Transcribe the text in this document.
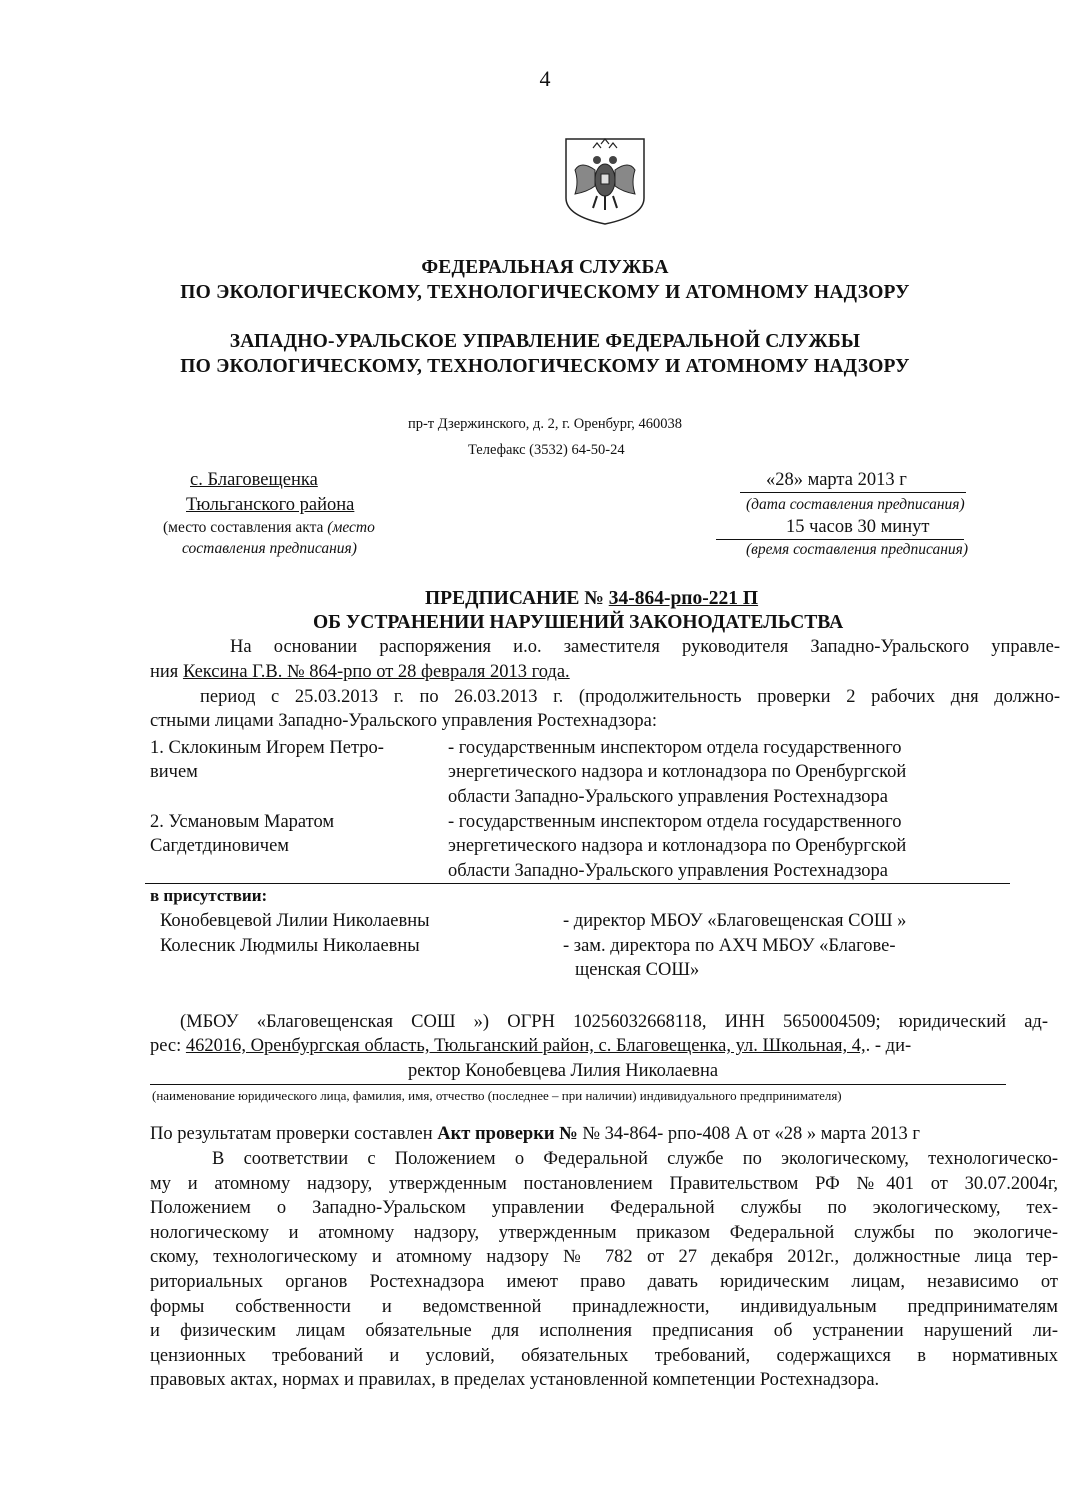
4
ФЕДЕРАЛЬНАЯ СЛУЖБА
ПО ЭКОЛОГИЧЕСКОМУ, ТЕХНОЛОГИЧЕСКОМУ И АТОМНОМУ НАДЗОРУ
ЗАПАДНО-УРАЛЬСКОЕ УПРАВЛЕНИЕ ФЕДЕРАЛЬНОЙ СЛУЖБЫ
ПО ЭКОЛОГИЧЕСКОМУ, ТЕХНОЛОГИЧЕСКОМУ И АТОМНОМУ НАДЗОРУ
пр-т Дзержинского, д. 2, г. Оренбург, 460038
Телефакс (3532) 64-50-24
с. Благовещенка
Тюльганского района
(место составления акта (место
составления предписания)
«28» марта 2013 г
(дата составления предписания)
15 часов 30 минут
(время составления предписания)
ПРЕДПИСАНИЕ № 34-864-рпо-221 П
ОБ УСТРАНЕНИИ НАРУШЕНИЙ ЗАКОНОДАТЕЛЬСТВА
На основании распоряжения и.о. заместителя руководителя Западно-Уральского управле-
ния Кексина Г.В. № 864-рпо от 28 февраля 2013 года.
период с 25.03.2013 г. по 26.03.2013 г. (продолжительность проверки 2 рабочих дня должно-
стными лицами Западно-Уральского управления Ростехнадзора:
1. Склокиным Игорем Петро-
вичем
- государственным инспектором отдела государственного
энергетического надзора и котлонадзора по Оренбургской
области Западно-Уральского управления Ростехнадзора
2. Усмановым Маратом
Сагдетдиновичем
- государственным инспектором отдела государственного
энергетического надзора и котлонадзора по Оренбургской
области Западно-Уральского управления Ростехнадзора
в присутствии:
Конобевцевой Лилии Николаевны	- директор МБОУ «Благовещенская СОШ »
Колесник Людмилы Николаевны	- зам. директора по АХЧ МБОУ «Благове-
щенская СОШ»
(МБОУ «Благовещенская СОШ ») ОГРН 10256032668118, ИНН 5650004509; юридический ад-
рес: 462016, Оренбургская область, Тюльганский район, с. Благовещенка, ул. Школьная, 4,. - ди-
ректор Конобевцева Лилия Николаевна
(наименование юридического лица, фамилия, имя, отчество (последнее – при наличии) индивидуального предпринимателя)
По результатам проверки составлен Акт проверки № № 34-864- рпо-408 А от «28 » марта 2013 г
В соответствии с Положением о Федеральной службе по экологическому, технологическо-
му и атомному надзору, утвержденным постановлением Правительством РФ №401 от 30.07.2004г,
Положением о Западно-Уральском управлении Федеральной службы по экологическому, тех-
нологическому и атомному надзору, утвержденным приказом Федеральной службы по экологиче-
скому, технологическому и атомному надзору № 782 от 27 декабря 2012г., должностные лица тер-
риториальных органов Ростехнадзора имеют право давать юридическим лицам, независимо от
формы собственности и ведомственной принадлежности, индивидуальным предпринимателям
и физическим лицам обязательные для исполнения предписания об устранении нарушений ли-
цензионных требований и условий, обязательных требований, содержащихся в нормативных
правовых актах, нормах и правилах, в пределах установленной компетенции Ростехнадзора.
